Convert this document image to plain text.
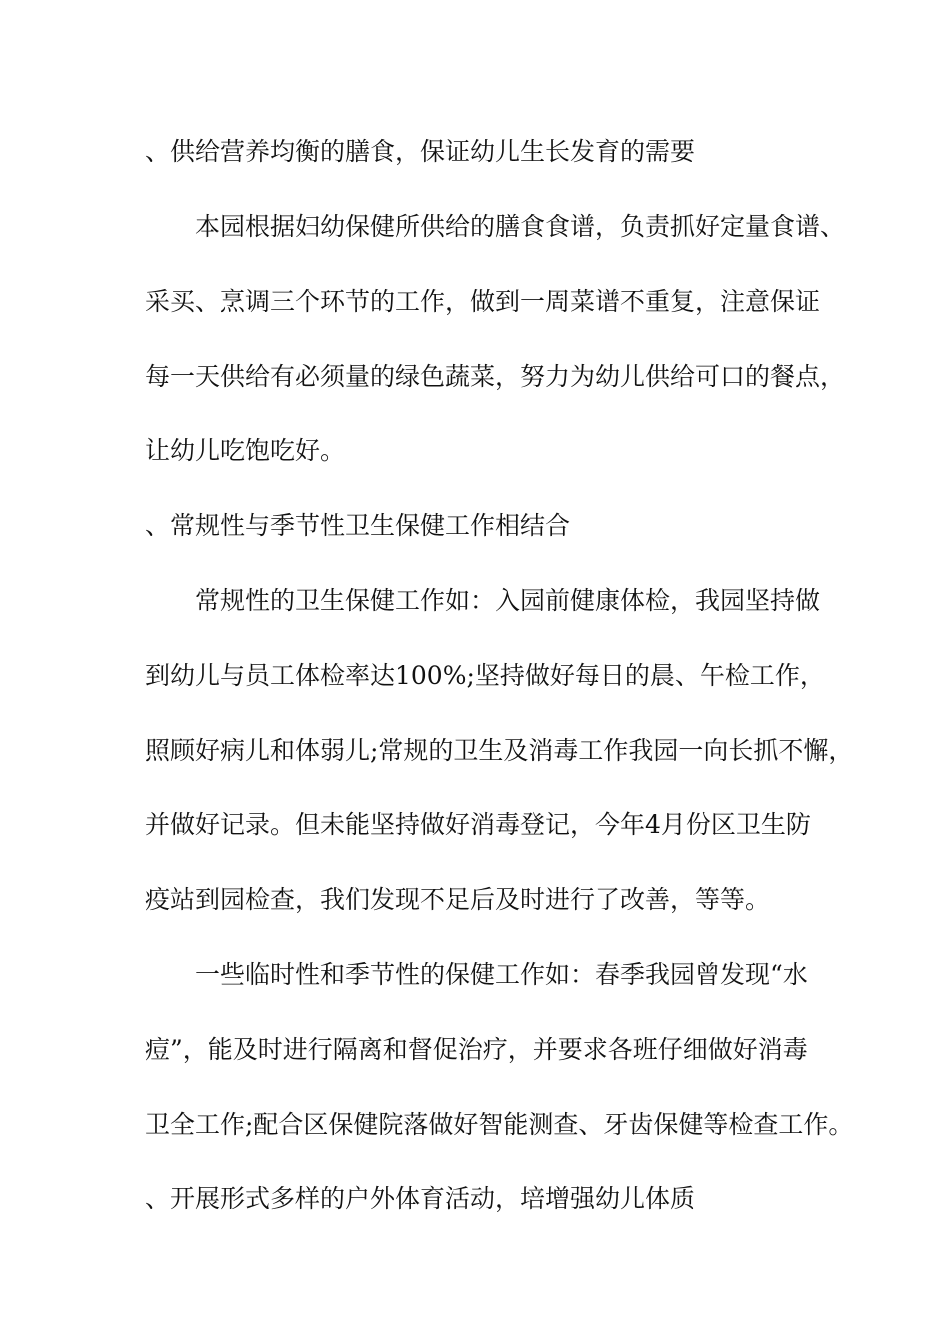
、供给营养均衡的膳食，保证幼儿生长发育的需要
本园根据妇幼保健所供给的膳食食谱，负责抓好定量食谱、
采买、烹调三个环节的工作，做到一周菜谱不重复，注意保证
每一天供给有必须量的绿色蔬菜，努力为幼儿供给可口的餐点，
让幼儿吃饱吃好。
、常规性与季节性卫生保健工作相结合
常规性的卫生保健工作如：入园前健康体检，我园坚持做
到幼儿与员工体检率达100%;坚持做好每日的晨、午检工作，
照顾好病儿和体弱儿;常规的卫生及消毒工作我园一向长抓不懈，
并做好记录。但未能坚持做好消毒登记，今年4月份区卫生防
疫站到园检查，我们发现不足后及时进行了改善，等等。
一些临时性和季节性的保健工作如：春季我园曾发现“水
痘”，能及时进行隔离和督促治疗，并要求各班仔细做好消毒
卫全工作;配合区保健院落做好智能测查、牙齿保健等检查工作。
、开展形式多样的户外体育活动，培增强幼儿体质
